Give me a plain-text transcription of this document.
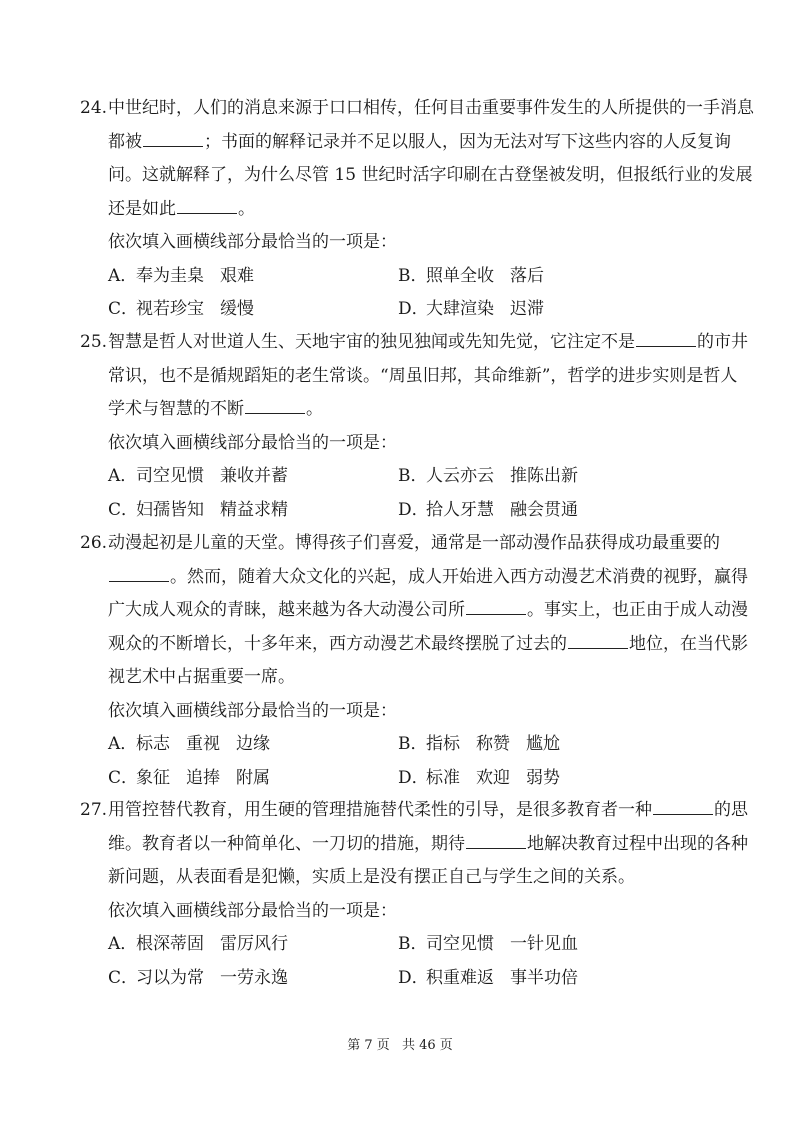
24. 中世纪时，人们的消息来源于口口相传，任何目击重要事件发生的人所提供的一手消息
都被	；书面的解释记录并不足以服人，因为无法对写下这些内容的人反复询
问。这就解释了，为什么尽管 15 世纪时活字印刷在古登堡被发明，但报纸行业的发展
还是如此	。
依次填入画横线部分最恰当的一项是：
A．奉为圭臬 艰难	B．照单全收 落后
C．视若珍宝 缓慢	D．大肆渲染 迟滞
25. 智慧是哲人对世道人生、天地宇宙的独见独闻或先知先觉，它注定不是	的市井
常识，也不是循规蹈矩的老生常谈。“周虽旧邦，其命维新”，哲学的进步实则是哲人
学术与智慧的不断	。
依次填入画横线部分最恰当的一项是：
A．司空见惯 兼收并蓄	B．人云亦云 推陈出新
C．妇孺皆知 精益求精	D．拾人牙慧 融会贯通
26. 动漫起初是儿童的天堂。博得孩子们喜爱，通常是一部动漫作品获得成功最重要的
。然而，随着大众文化的兴起，成人开始进入西方动漫艺术消费的视野，赢得
广大成人观众的青睐，越来越为各大动漫公司所	。事实上，也正由于成人动漫
观众的不断增长，十多年来，西方动漫艺术最终摆脱了过去的	地位，在当代影
视艺术中占据重要一席。
依次填入画横线部分最恰当的一项是：
A．标志 重视 边缘	B．指标 称赞 尴尬
C．象征 追捧 附属	D．标准 欢迎 弱势
27. 用管控替代教育，用生硬的管理措施替代柔性的引导，是很多教育者一种	的思
维。教育者以一种简单化、一刀切的措施，期待	地解决教育过程中出现的各种
新问题，从表面看是犯懒，实质上是没有摆正自己与学生之间的关系。
依次填入画横线部分最恰当的一项是：
A．根深蒂固 雷厉风行	B．司空见惯 一针见血
C．习以为常 一劳永逸	D．积重难返 事半功倍
第 7 页 共 46 页
